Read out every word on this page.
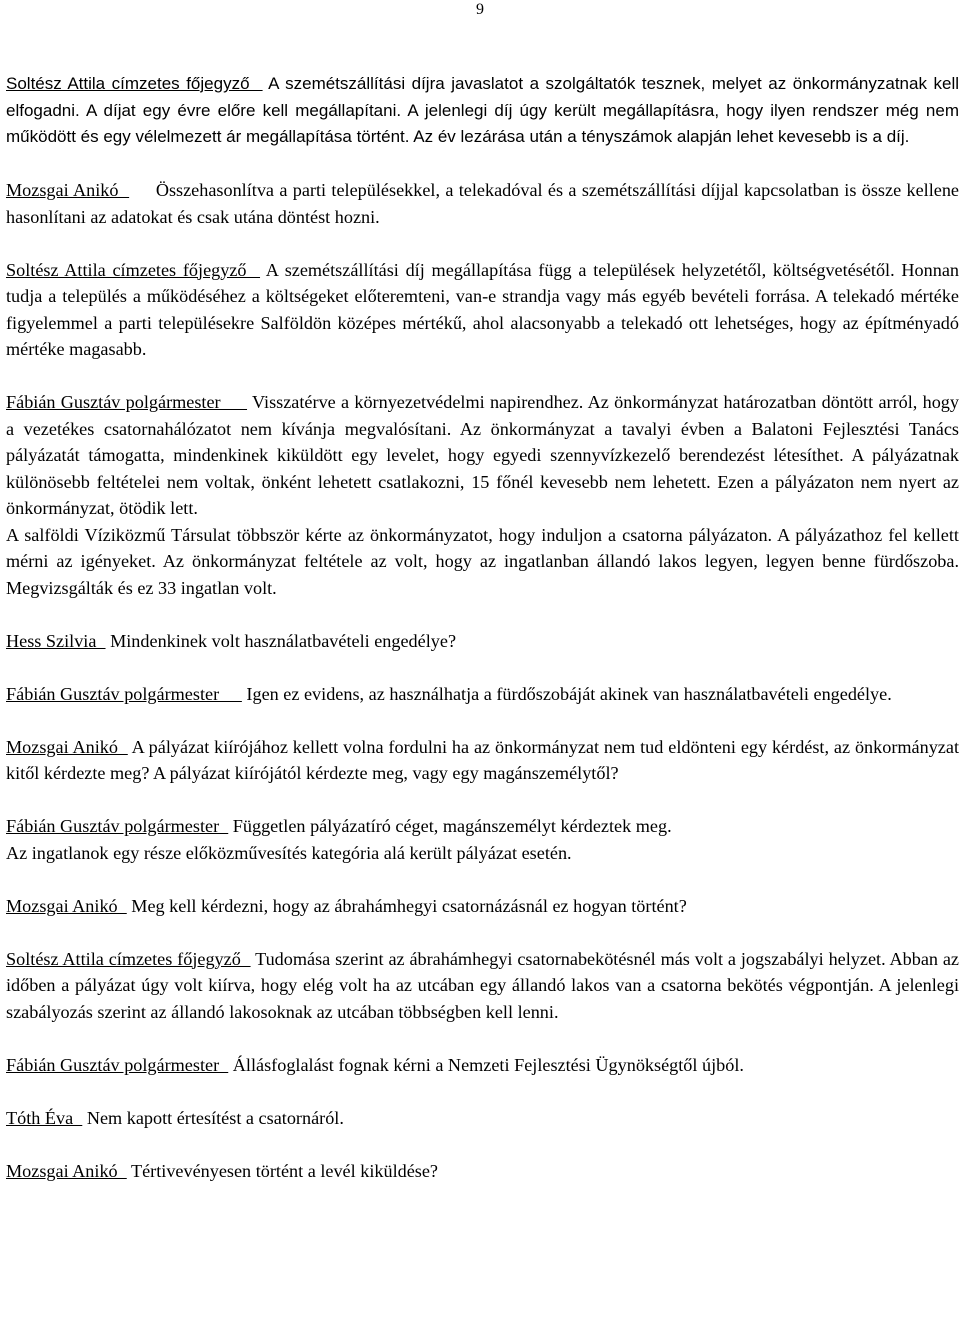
9

Soltész Attila címzetes főjegyző   A szemétszállítási díjra javaslatot a szolgáltatók tesznek, melyet az önkormányzatnak kell elfogadni. A díjat egy évre előre kell megállapítani. A jelenlegi díj úgy került megállapításra, hogy ilyen rendszer még nem működött és egy vélelmezett ár megállapítása történt. Az év lezárása után a tényszámok alapján lehet kevesebb is a díj.

Mozsgai Anikó       Összehasonlítva a parti településekkel, a telekadóval és a szemétszállítási díjjal kapcsolatban is össze kellene hasonlítani az adatokat és csak utána döntést hozni.

Soltész Attila címzetes főjegyző   A szemétszállítási díj megállapítása függ a települések helyzetétől, költségvetésétől. Honnan tudja a település a működéséhez a költségeket előteremteni, van-e strandja vagy más egyéb bevételi forrása. A telekadó mértéke figyelemmel a parti településekre Salföldön középes mértékű, ahol alacsonyabb a telekadó ott lehetséges, hogy az építményadó mértéke magasabb.

Fábián Gusztáv polgármester      Visszatérve a környezetvédelmi napirendhez. Az önkormányzat határozatban döntött arról, hogy a vezetékes csatornahálózatot nem kívánja megvalósítani. Az önkormányzat a tavalyi évben a Balatoni Fejlesztési Tanács pályázatát támogatta, mindenkinek kiküldött egy levelet, hogy egyedi szennyvízkezelő berendezést létesíthet. A pályázatnak különösebb feltételei nem voltak, önként lehetett csatlakozni, 15 főnél kevesebb nem lehetett. Ezen a pályázaton nem nyert az önkormányzat, ötödik lett.

A salföldi Víziközmű Társulat többször kérte az önkormányzatot, hogy induljon a csatorna pályázaton. A pályázathoz fel kellett mérni az igényeket. Az önkormányzat feltétele az volt, hogy az ingatlanban állandó lakos legyen, legyen benne fürdőszoba. Megvizsgálták és ez 33 ingatlan volt.

Hess Szilvia   Mindenkinek volt használatbavételi engedélye?

Fábián Gusztáv polgármester      Igen ez evidens, az használhatja a fürdőszobáját akinek van használatbavételi engedélye.

Mozsgai Anikó   A pályázat kiírójához kellett volna fordulni ha az önkormányzat nem tud eldönteni egy kérdést, az önkormányzat kitől kérdezte meg? A pályázat kiírójától kérdezte meg, vagy egy magánszemélytől?

Fábián Gusztáv polgármester   Független pályázatíró céget, magánszemélyt kérdeztek meg.

Az ingatlanok egy része előközművesítés kategória alá került pályázat esetén.

Mozsgai Anikó   Meg kell kérdezni, hogy az ábrahámhegyi csatornázásnál ez hogyan történt?

Soltész Attila címzetes főjegyző   Tudomása szerint az ábrahámhegyi csatornabekötésnél más volt a jogszabályi helyzet. Abban az időben a pályázat úgy volt kiírva, hogy elég volt ha az utcában egy állandó lakos van a csatorna bekötés végpontján. A jelenlegi szabályozás szerint az állandó lakosoknak az utcában többségben kell lenni.

Fábián Gusztáv polgármester   Állásfoglalást fognak kérni a Nemzeti Fejlesztési Ügynökségtől újból.

Tóth Éva   Nem kapott értesítést a csatornáról.

Mozsgai Anikó   Tértivevényesen történt a levél kiküldése?
